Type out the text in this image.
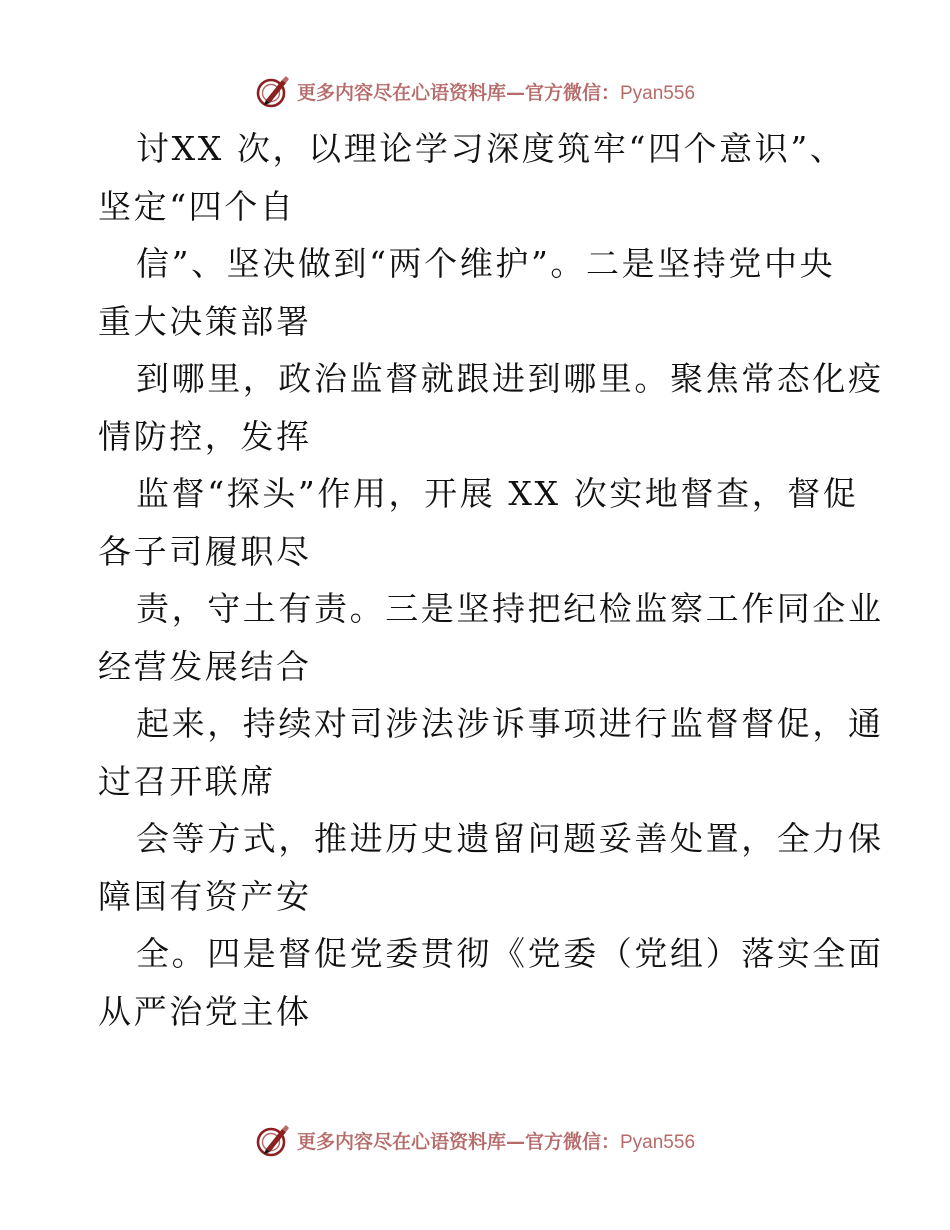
更多内容尽在心语资料库—官方微信：Pyan556
讨XX 次，以理论学习深度筑牢“四个意识”、
坚定“四个自
信”、坚决做到“两个维护”。二是坚持党中央
重大决策部署
到哪里，政治监督就跟进到哪里。聚焦常态化疫
情防控，发挥
监督“探头”作用，开展 XX 次实地督查，督促
各子司履职尽
责，守土有责。三是坚持把纪检监察工作同企业
经营发展结合
起来，持续对司涉法涉诉事项进行监督督促，通
过召开联席
会等方式，推进历史遗留问题妥善处置，全力保
障国有资产安
全。四是督促党委贯彻《党委（党组）落实全面
从严治党主体
更多内容尽在心语资料库—官方微信：Pyan556
